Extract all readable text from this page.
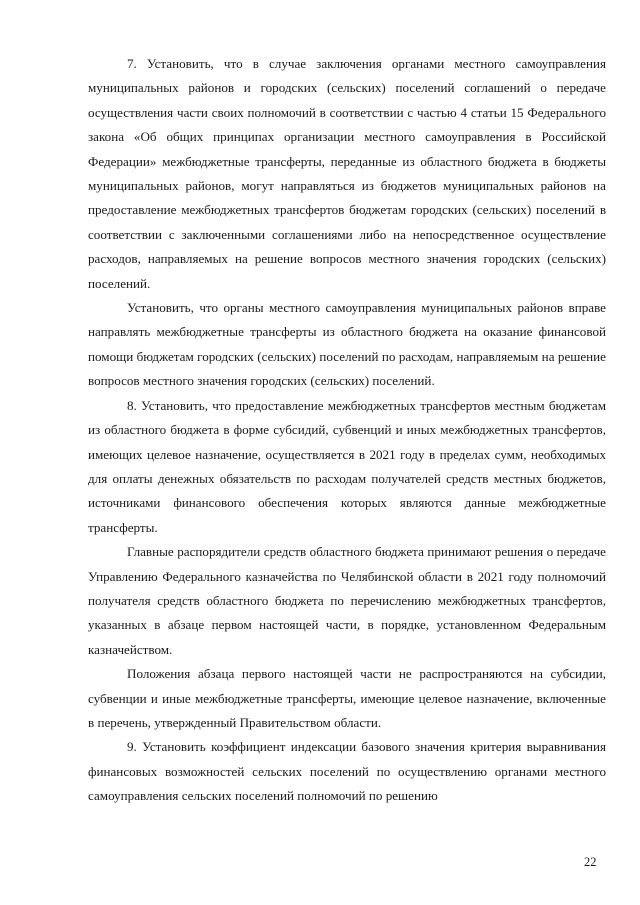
7. Установить, что в случае заключения органами местного самоуправления муниципальных районов и городских (сельских) поселений соглашений о передаче осуществления части своих полномочий в соответствии с частью 4 статьи 15 Федерального закона «Об общих принципах организации местного самоуправления в Российской Федерации» межбюджетные трансферты, переданные из областного бюджета в бюджеты муниципальных районов, могут направляться из бюджетов муниципальных районов на предоставление межбюджетных трансфертов бюджетам городских (сельских) поселений в соответствии с заключенными соглашениями либо на непосредственное осуществление расходов, направляемых на решение вопросов местного значения городских (сельских) поселений.

Установить, что органы местного самоуправления муниципальных районов вправе направлять межбюджетные трансферты из областного бюджета на оказание финансовой помощи бюджетам городских (сельских) поселений по расходам, направляемым на решение вопросов местного значения городских (сельских) поселений.

8. Установить, что предоставление межбюджетных трансфертов местным бюджетам из областного бюджета в форме субсидий, субвенций и иных межбюджетных трансфертов, имеющих целевое назначение, осуществляется в 2021 году в пределах сумм, необходимых для оплаты денежных обязательств по расходам получателей средств местных бюджетов, источниками финансового обеспечения которых являются данные межбюджетные трансферты.

Главные распорядители средств областного бюджета принимают решения о передаче Управлению Федерального казначейства по Челябинской области в 2021 году полномочий получателя средств областного бюджета по перечислению межбюджетных трансфертов, указанных в абзаце первом настоящей части, в порядке, установленном Федеральным казначейством.

Положения абзаца первого настоящей части не распространяются на субсидии, субвенции и иные межбюджетные трансферты, имеющие целевое назначение, включенные в перечень, утвержденный Правительством области.

9. Установить коэффициент индексации базового значения критерия выравнивания финансовых возможностей сельских поселений по осуществлению органами местного самоуправления сельских поселений полномочий по решению

22
